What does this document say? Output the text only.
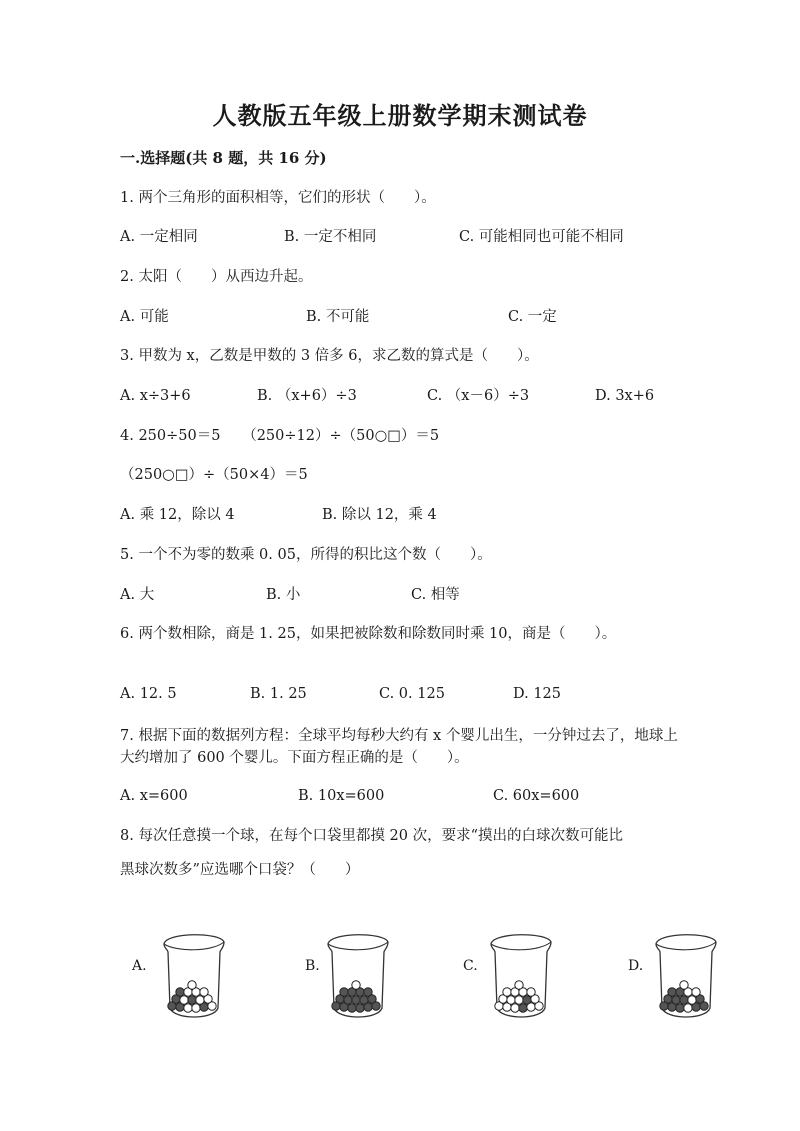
人教版五年级上册数学期末测试卷
一.选择题(共 8 题，共 16 分)
1. 两个三角形的面积相等，它们的形状（　　）。
A. 一定相同	B. 一定不相同	C. 可能相同也可能不相同
2. 太阳（　　）从西边升起。
A. 可能	B. 不可能	C. 一定
3. 甲数为 x，乙数是甲数的 3 倍多 6，求乙数的算式是（　　）。
A. x÷3+6	B. （x+6）÷3	C. （x－6）÷3	D. 3x+6
4. 250÷50＝5　　（250÷12）÷（50○□）＝5
（250○□）÷（50×4）＝5
A. 乘 12，除以 4	B. 除以 12，乘 4
5. 一个不为零的数乘 0. 05，所得的积比这个数（　　）。
A. 大	B. 小	C. 相等
6. 两个数相除，商是 1. 25，如果把被除数和除数同时乘 10，商是（　　）。
A. 12. 5	B. 1. 25	C. 0. 125	D. 125
7. 根据下面的数据列方程：全球平均每秒大约有 x 个婴儿出生，一分钟过去了，地球上大约增加了 600 个婴儿。下面方程正确的是（　　）。
A. x=600	B. 10x=600	C. 60x=600
8. 每次任意摸一个球，在每个口袋里都摸 20 次，要求“摸出的白球次数可能比
黑球次数多”应选哪个口袋？（　　）
A.	B.	C.	D.
